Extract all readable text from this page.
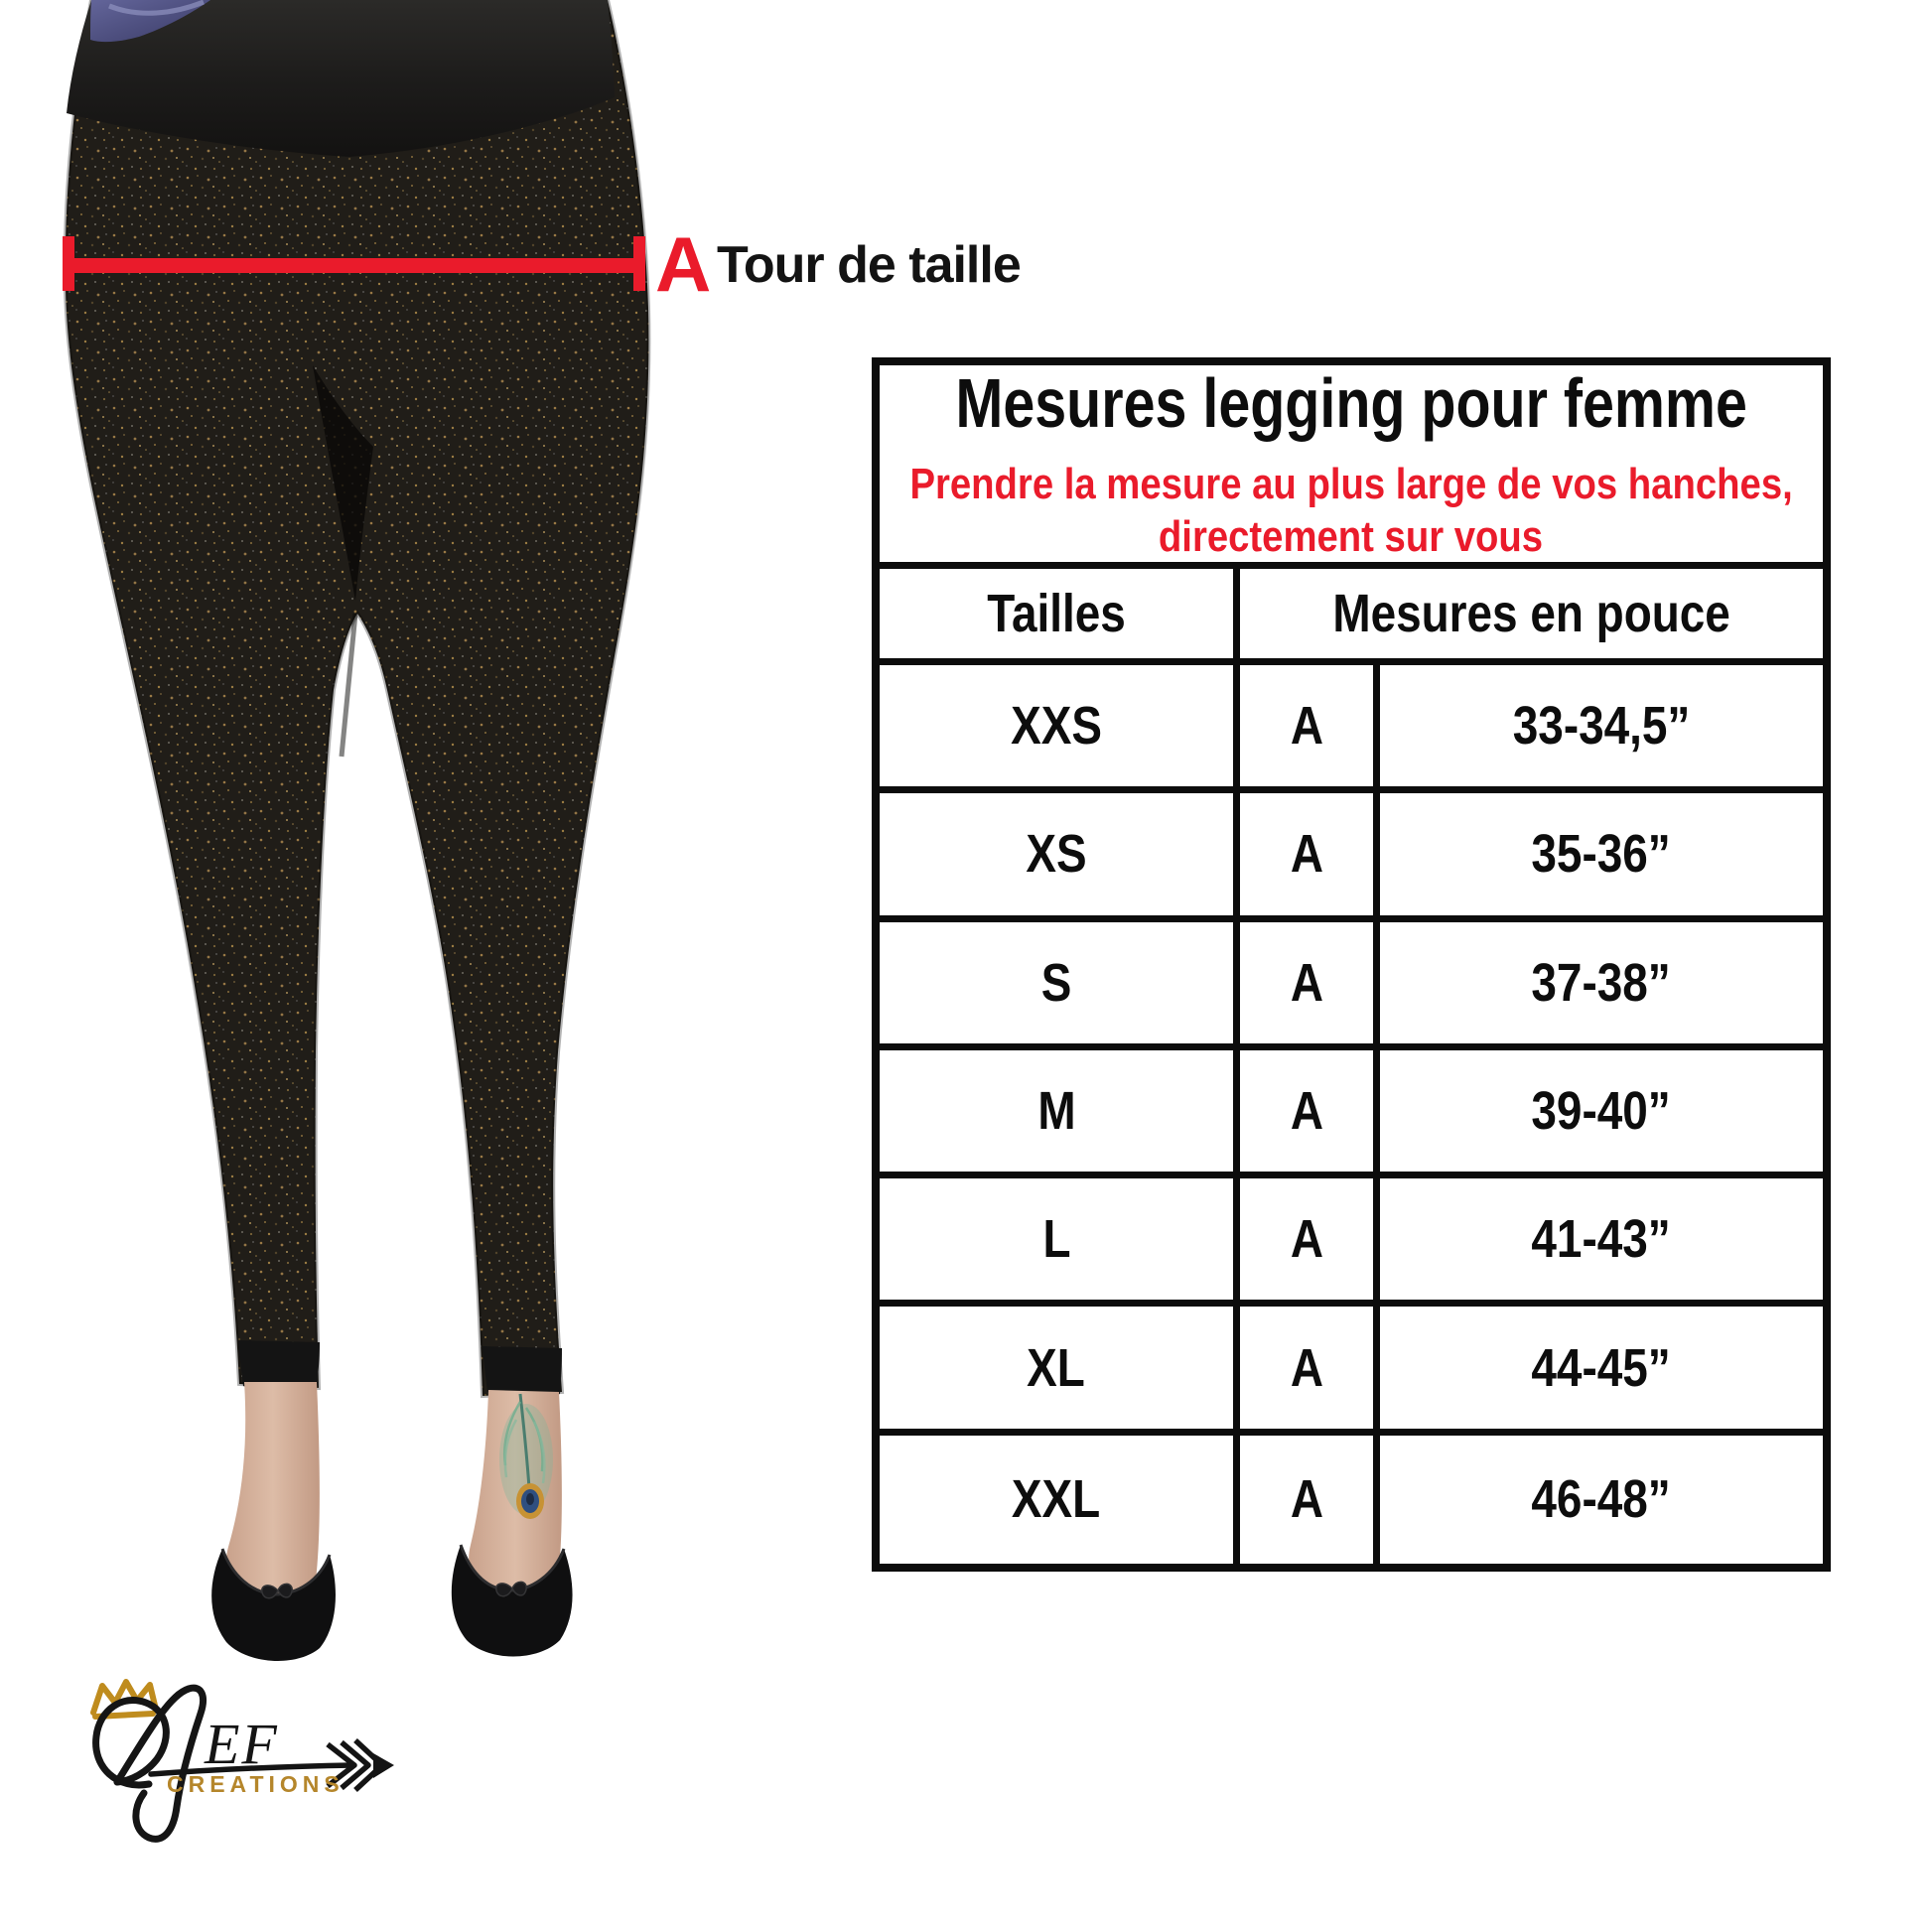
EF
CREATIONS
A Tour de taille
Mesures legging pour femme
Prendre la mesure au plus large de vos hanches,
directement sur vous
Tailles	Mesures en pouce
XXS	A	33-34,5”
XS	A	35-36”
S	A	37-38”
M	A	39-40”
L	A	41-43”
XL	A	44-45”
XXL	A	46-48”
